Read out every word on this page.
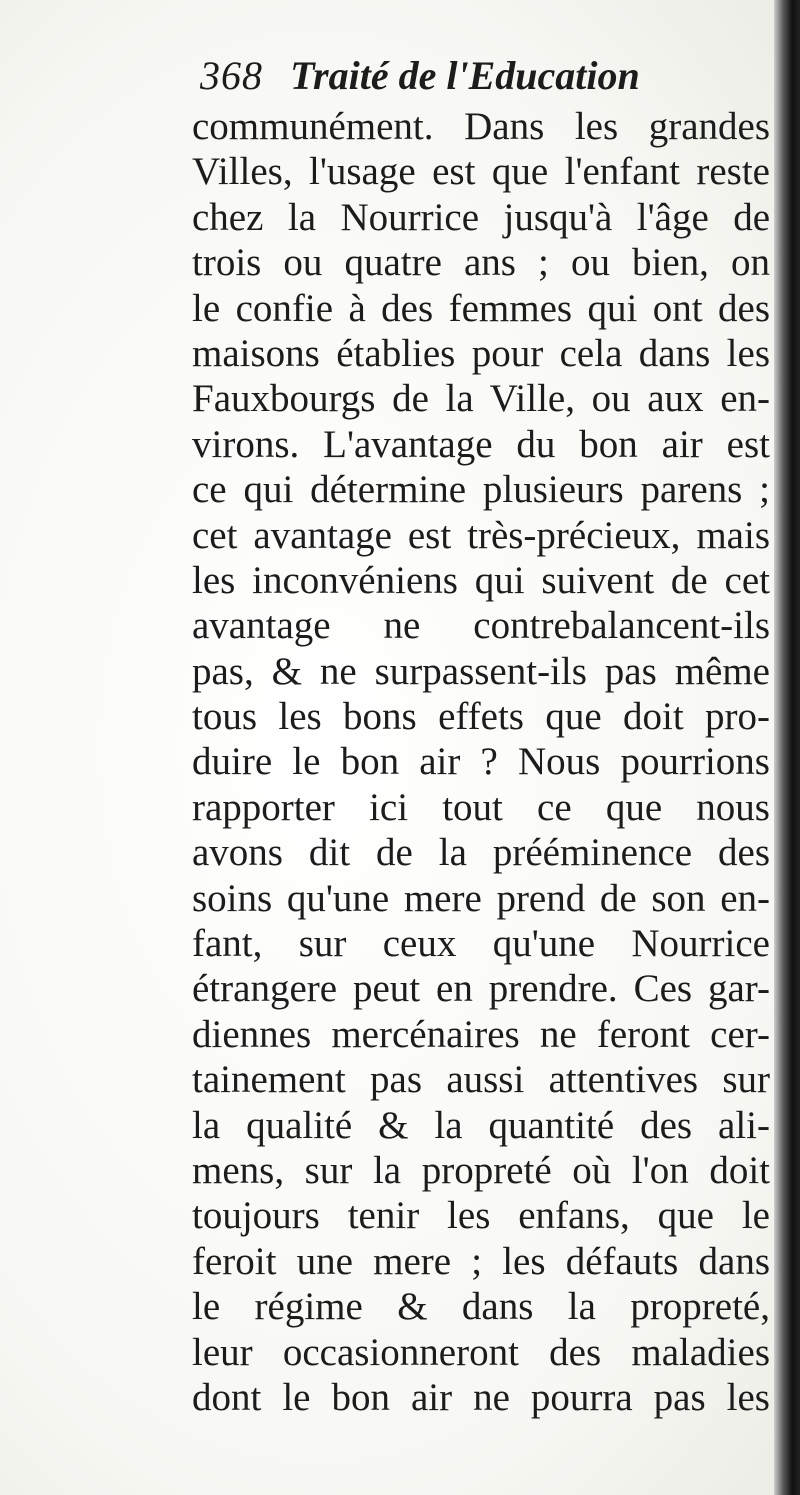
368 Traité de l'Education
communément. Dans les grandes
Villes, l'usage est que l'enfant reste
chez la Nourrice jusqu'à l'âge de
trois ou quatre ans ; ou bien, on
le confie à des femmes qui ont des
maisons établies pour cela dans les
Fauxbourgs de la Ville, ou aux en-
virons. L'avantage du bon air est
ce qui détermine plusieurs parens ;
cet avantage est très-précieux, mais
les inconvéniens qui suivent de cet
avantage ne contrebalancent-ils
pas, & ne surpassent-ils pas même
tous les bons effets que doit pro-
duire le bon air ? Nous pourrions
rapporter ici tout ce que nous
avons dit de la prééminence des
soins qu'une mere prend de son en-
fant, sur ceux qu'une Nourrice
étrangere peut en prendre. Ces gar-
diennes mercénaires ne feront cer-
tainement pas aussi attentives sur
la qualité & la quantité des ali-
mens, sur la propreté où l'on doit
toujours tenir les enfans, que le
feroit une mere ; les défauts dans
le régime & dans la propreté,
leur occasionneront des maladies
dont le bon air ne pourra pas les
